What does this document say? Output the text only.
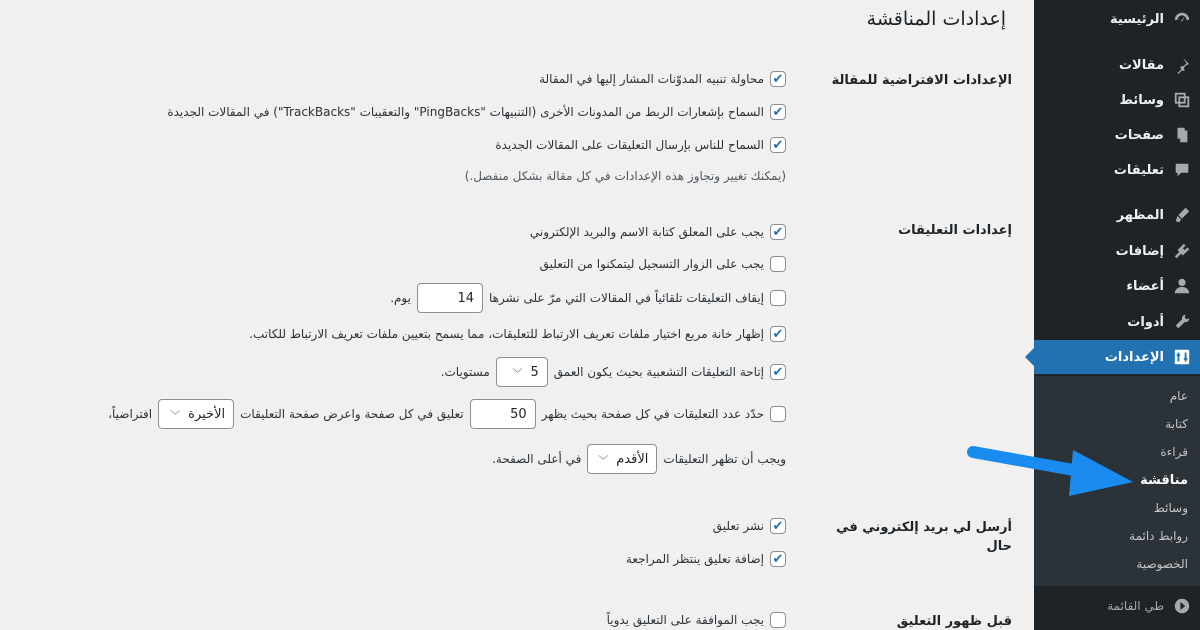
إعدادات المناقشة
الإعدادات الافتراضية للمقالة
✔
محاولة تنبيه المدوّنات المشار إليها في المقالة
✔
السماح بإشعارات الربط من المدونات الأخرى (التنبيهات "PingBacks" والتعقيبات "TrackBacks") في المقالات الجديدة
✔
السماح للناس بإرسال التعليقات على المقالات الجديدة
(يمكنك تغيير وتجاوز هذه الإعدادات في كل مقالة بشكل منفصل.)
إعدادات التعليقات
✔
يجب على المعلق كتابة الاسم والبريد الإلكتروني
يجب على الزوار التسجيل ليتمكنوا من التعليق
إيقاف التعليقات تلقائياً في المقالات التي مرّ على نشرها
14
يوم.
✔
إظهار خانة مربع اختيار ملفات تعريف الارتباط للتعليقات، مما يسمح بتعيين ملفات تعريف الارتباط للكاتب.
✔
إتاحة التعليقات التشعبية بحيث يكون العمق
5
﹀
مستويات.
حدّد عدد التعليقات في كل صفحة بحيث يظهر
50
تعليق في كل صفحة واعرض صفحة التعليقات
الأخيرة
﹀
افتراضياً،
ويجب أن تظهر التعليقات
الأقدم
﹀
في أعلى الصفحة.
أرسل لي بريد إلكتروني في حال
✔
نشر تعليق
✔
إضافة تعليق ينتظر المراجعة
قبل ظهور التعليق
يجب الموافقة على التعليق يدوياً
الرئيسية
مقالات
وسائط
صفحات
تعليقات
المظهر
إضافات
أعضاء
أدوات
الإعدادات
عام
كتابة
قراءة
مناقشة
وسائط
روابط دائمة
الخصوصية
طي القائمة
